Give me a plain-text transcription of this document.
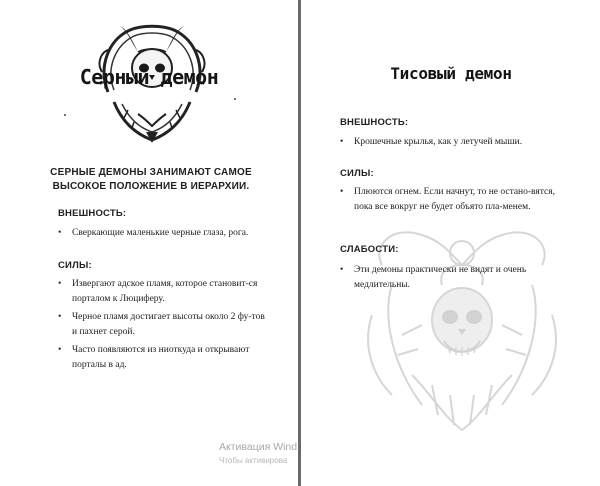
Серный демон
СЕРНЫЕ ДЕМОНЫ ЗАНИМАЮТ САМОЕ
ВЫСОКОЕ ПОЛОЖЕНИЕ В ИЕРАРХИИ.
ВНЕШНОСТЬ:
• Сверкающие маленькие черные глаза, рога.
СИЛЫ:
• Извергают адское пламя, которое становит-ся порталом к Люциферу.
• Черное пламя достигает высоты около 2 фу-тов и пахнет серой.
• Часто появляются из ниоткуда и открывают порталы в ад.
Тисовый демон
ВНЕШНОСТЬ:
• Крошечные крылья, как у летучей мыши.
СИЛЫ:
• Плюются огнем. Если начнут, то не остано-вятся, пока все вокруг не будет объято пла-менем.
СЛАБОСТИ:
• Эти демоны практически не видят и очень медлительны.
Активация Wind
Чтобы активирова
